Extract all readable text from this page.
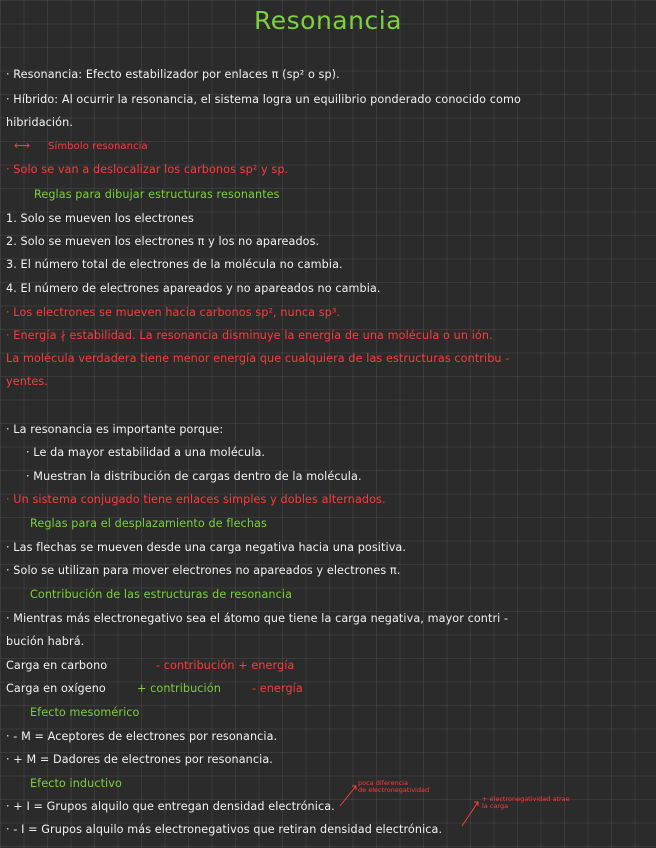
Resonancia
· Resonancia: Efecto estabilizador por enlaces π (sp² o sp).
· Híbrido: Al ocurrir la resonancia, el sistema logra un equilibrio ponderado conocido como
hibridación.
⟷ Símbolo resonancia
· Solo se van a deslocalizar los carbonos sp² y sp.
Reglas para dibujar estructuras resonantes
1. Solo se mueven los electrones
2. Solo se mueven los electrones π y los no apareados.
3. El número total de electrones de la molécula no cambia.
4. El número de electrones apareados y no apareados no cambia.
· Los electrones se mueven hacia carbonos sp², nunca sp³.
· Energía ∤ estabilidad. La resonancia disminuye la energía de una molécula o un ión.
La molécula verdadera tiene menor energía que cualquiera de las estructuras contribu -
yentes.
· La resonancia es importante porque:
· Le da mayor estabilidad a una molécula.
· Muestran la distribución de cargas dentro de la molécula.
· Un sistema conjugado tiene enlaces simples y dobles alternados.
Reglas para el desplazamiento de flechas
· Las flechas se mueven desde una carga negativa hacia una positiva.
· Solo se utilizan para mover electrones no apareados y electrones π.
Contribución de las estructuras de resonancia
· Mientras más electronegativo sea el átomo que tiene la carga negativa, mayor contri -
bución habrá.
Carga en carbono	- contribución + energía
Carga en oxígeno	+ contribución	- energía
Efecto mesomérico
· - M = Aceptores de electrones por resonancia.
· + M = Dadores de electrones por resonancia.
Efecto inductivo
· + I = Grupos alquilo que entregan densidad electrónica.
· - I = Grupos alquilo más electronegativos que retiran densidad electrónica.
poca diferencia
de electronegatividad
+ electronegatividad atrae
la carga
